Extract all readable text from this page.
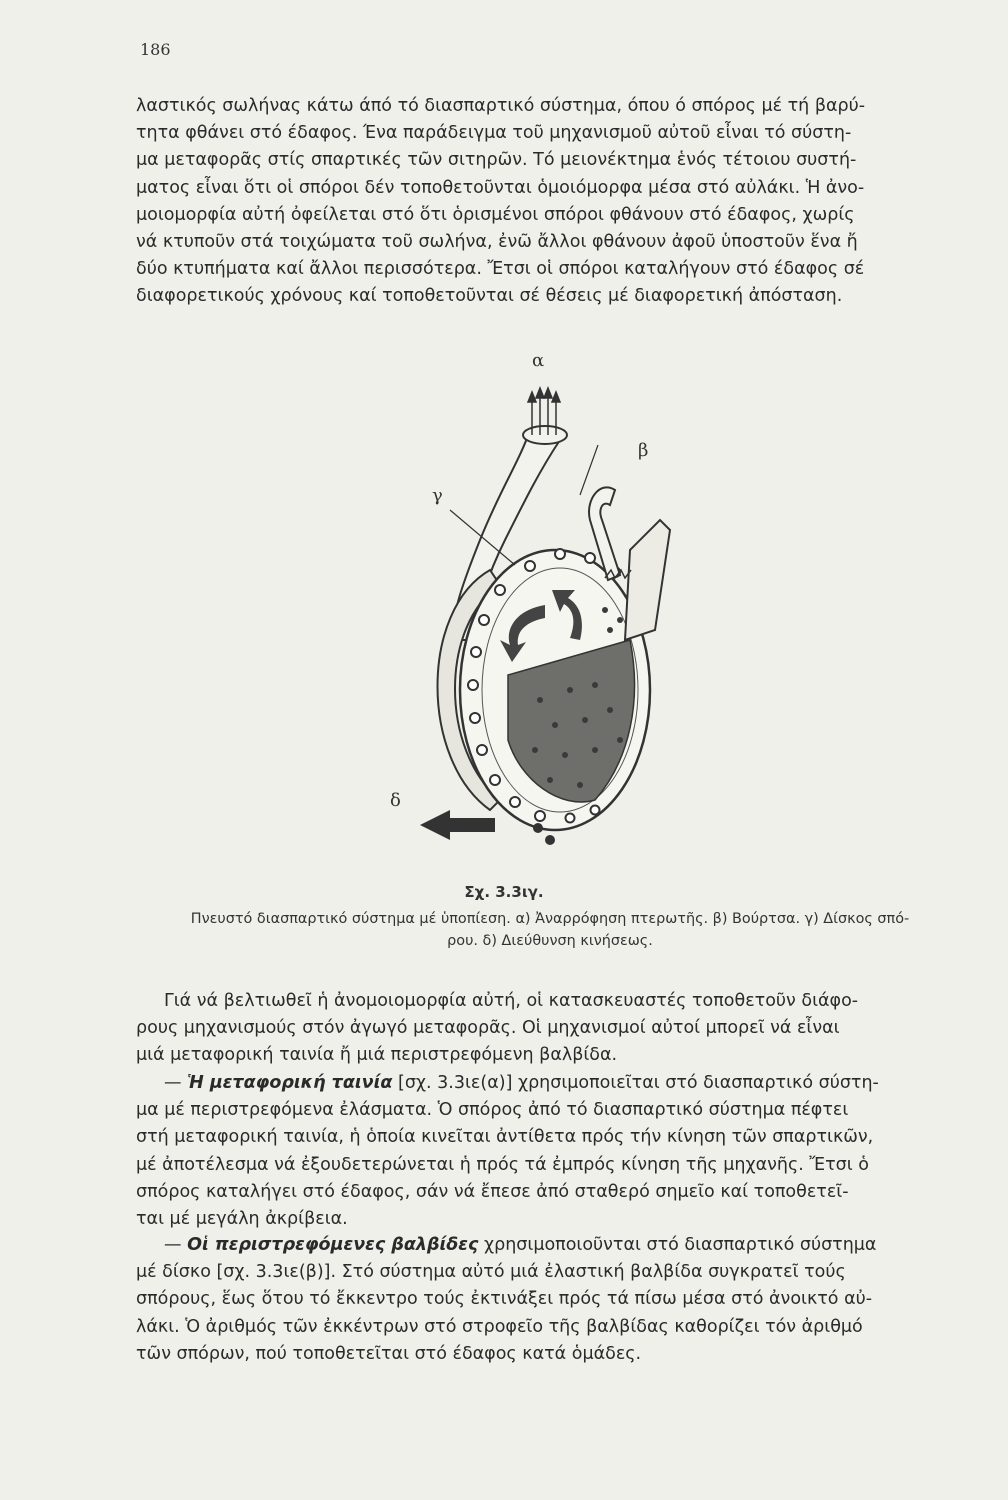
186

λαστικός σωλήνας κάτω άπό τό διασπαρτικό σύστημα, όπου ό σπόρος μέ τή βαρύ-
τητα φθάνει στό έδαφος. Ένα παράδειγμα τοῦ μηχανισμοῦ αὐτοῦ εἶναι τό σύστη-
μα μεταφορᾶς στίς σπαρτικές τῶν σιτηρῶν. Τό μειονέκτημα ἑνός τέτοιου συστή-
ματος εἶναι ὅτι οἱ σπόροι δέν τοποθετοῦνται ὁμοιόμορφα μέσα στό αὐλάκι. Ἡ ἀνο-
μοιομορφία αὐτή ὀφείλεται στό ὅτι ὁρισμένοι σπόροι φθάνουν στό έδαφος, χωρίς
νά κτυποῦν στά τοιχώματα τοῦ σωλήνα, ἐνῶ ἄλλοι φθάνουν ἀφοῦ ὑποστοῦν ἕνα ἤ
δύο κτυπήματα καί ἄλλοι περισσότερα. Ἔτσι οἱ σπόροι καταλήγουν στό έδαφος σέ
διαφορετικούς χρόνους καί τοποθετοῦνται σέ θέσεις μέ διαφορετική ἀπόσταση.

α
β
γ
δ
Σχ. 3.3ιγ.
Πνευστό διασπαρτικό σύστημα μέ ὑποπίεση. α) Ἀναρρόφηση πτερωτῆς. β) Βούρτσα. γ) Δίσκος σπό-
ρου. δ) Διεύθυνση κινήσεως.

Γιά νά βελτιωθεῖ ἡ ἀνομοιομορφία αὐτή, οἱ κατασκευαστές τοποθετοῦν διάφο-
ρους μηχανισμούς στόν ἀγωγό μεταφορᾶς. Οἱ μηχανισμοί αὐτοί μπορεῖ νά εἶναι
μιά μεταφορική ταινία ἤ μιά περιστρεφόμενη βαλβίδα.

— Ἡ μεταφορική ταινία [σχ. 3.3ιε(α)] χρησιμοποιεῖται στό διασπαρτικό σύστη-
μα μέ περιστρεφόμενα ἐλάσματα. Ὁ σπόρος ἀπό τό διασπαρτικό σύστημα πέφτει
στή μεταφορική ταινία, ἡ ὁποία κινεῖται ἀντίθετα πρός τήν κίνηση τῶν σπαρτικῶν,
μέ ἀποτέλεσμα νά ἐξουδετερώνεται ἡ πρός τά ἐμπρός κίνηση τῆς μηχανῆς. Ἔτσι ὁ
σπόρος καταλήγει στό έδαφος, σάν νά ἔπεσε ἀπό σταθερό σημεῖο καί τοποθετεῖ-
ται μέ μεγάλη ἀκρίβεια.

— Οἱ περιστρεφόμενες βαλβίδες χρησιμοποιοῦνται στό διασπαρτικό σύστημα
μέ δίσκο [σχ. 3.3ιε(β)]. Στό σύστημα αὐτό μιά ἐλαστική βαλβίδα συγκρατεῖ τούς
σπόρους, ἕως ὅτου τό ἔκκεντρο τούς ἐκτινάξει πρός τά πίσω μέσα στό ἀνοικτό αὐ-
λάκι. Ὁ ἀριθμός τῶν ἐκκέντρων στό στροφεῖο τῆς βαλβίδας καθορίζει τόν ἀριθμό
τῶν σπόρων, πού τοποθετεῖται στό έδαφος κατά ὁμάδες.
